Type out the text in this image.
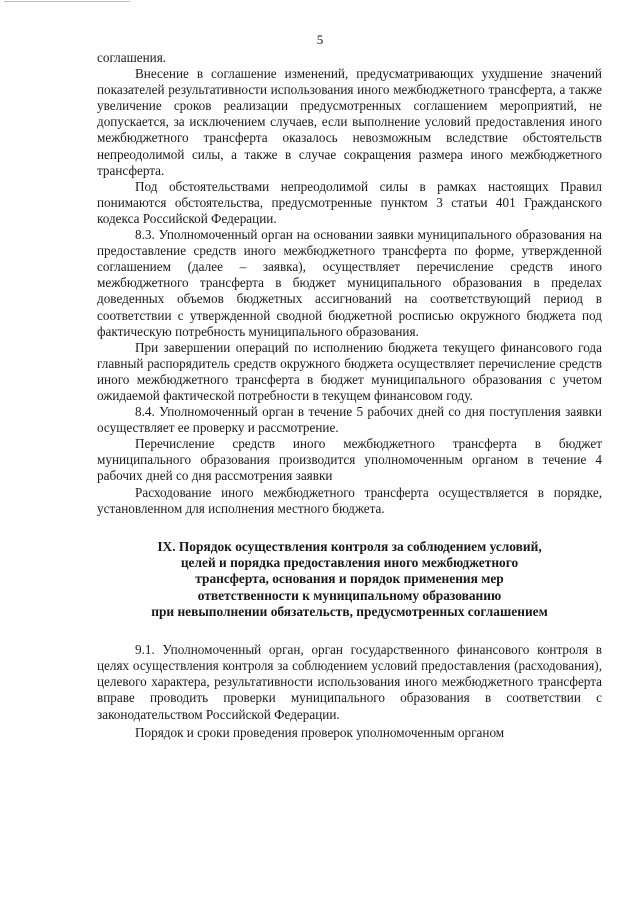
5

соглашения.

Внесение в соглашение изменений, предусматривающих ухудшение значений показателей результативности использования иного межбюджетного трансферта, а также увеличение сроков реализации предусмотренных соглашением мероприятий, не допускается, за исключением случаев, если выполнение условий предоставления иного межбюджетного трансферта оказалось невозможным вследствие обстоятельств непреодолимой силы, а также в случае сокращения размера иного межбюджетного трансферта.

Под обстоятельствами непреодолимой силы в рамках настоящих Правил понимаются обстоятельства, предусмотренные пунктом 3 статьи 401 Гражданского кодекса Российской Федерации.

8.3. Уполномоченный орган на основании заявки муниципального образования на предоставление средств иного межбюджетного трансферта по форме, утвержденной соглашением (далее – заявка), осуществляет перечисление средств иного межбюджетного трансферта в бюджет муниципального образования в пределах доведенных объемов бюджетных ассигнований на соответствующий период в соответствии с утвержденной сводной бюджетной росписью окружного бюджета под фактическую потребность муниципального образования.

При завершении операций по исполнению бюджета текущего финансового года главный распорядитель средств окружного бюджета осуществляет перечисление средств иного межбюджетного трансферта в бюджет муниципального образования с учетом ожидаемой фактической потребности в текущем финансовом году.

8.4. Уполномоченный орган в течение 5 рабочих дней со дня поступления заявки осуществляет ее проверку и рассмотрение.

Перечисление средств иного межбюджетного трансферта в бюджет муниципального образования производится уполномоченным органом в течение 4 рабочих дней со дня рассмотрения заявки

Расходование иного межбюджетного трансферта осуществляется в порядке, установленном для исполнения местного бюджета.

IX. Порядок осуществления контроля за соблюдением условий,
целей и порядка предоставления иного межбюджетного
трансферта, основания и порядок применения мер
ответственности к муниципальному образованию
при невыполнении обязательств, предусмотренных соглашением

9.1. Уполномоченный орган, орган государственного финансового контроля в целях осуществления контроля за соблюдением условий предоставления (расходования), целевого характера, результативности использования иного межбюджетного трансферта вправе проводить проверки муниципального образования в соответствии с законодательством Российской Федерации.

Порядок и сроки проведения проверок уполномоченным органом
